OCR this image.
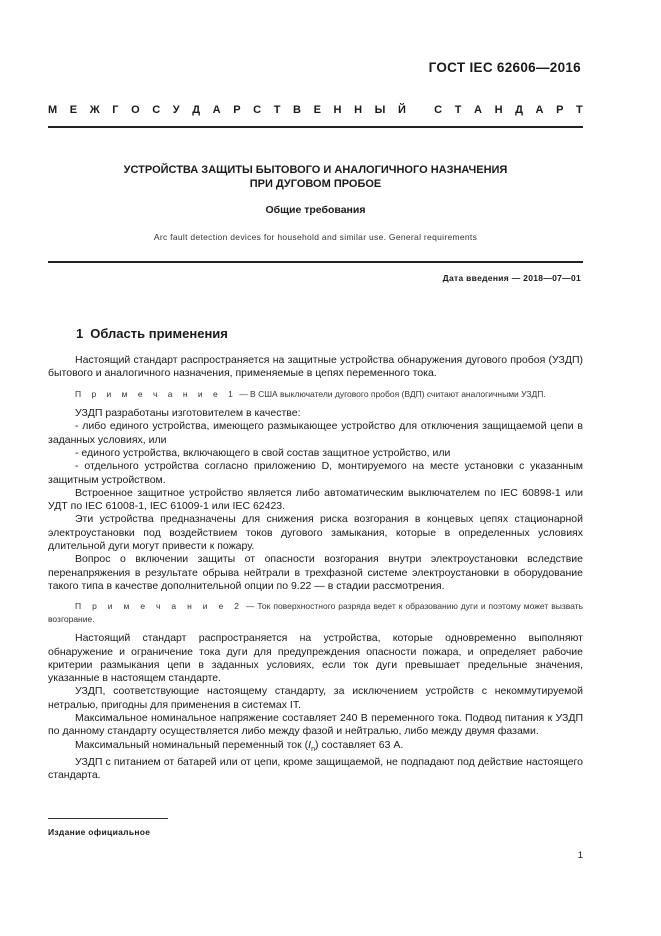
ГОСТ IEC 62606—2016
М Е Ж Г О С У Д А Р С Т В Е Н Н Ы Й
	С Т А Н Д А Р Т
УСТРОЙСТВА ЗАЩИТЫ БЫТОВОГО И АНАЛОГИЧНОГО НАЗНАЧЕНИЯ
ПРИ ДУГОВОМ ПРОБОЕ
Общие требования
Arc fault detection devices for household and similar use. General requirements
Дата введения — 2018—07—01
1 Область применения

Настоящий стандарт распространяется на защитные устройства обнаружения дугового пробоя (УЗДП) бытового и аналогичного назначения, применяемые в цепях переменного тока.

П р и м е ч а н и е 1 — В США выключатели дугового пробоя (ВДП) считают аналогичными УЗДП.

УЗДП разработаны изготовителем в качестве:

- либо единого устройства, имеющего размыкающее устройство для отключения защищаемой цепи в заданных условиях, или

- единого устройства, включающего в свой состав защитное устройство, или

- отдельного устройства согласно приложению D, монтируемого на месте установки с указанным защитным устройством.

Встроенное защитное устройство является либо автоматическим выключателем по IEC 60898-1 или УДТ по IEC 61008-1, IEC 61009-1 или IEC 62423.

Эти устройства предназначены для снижения риска возгорания в концевых цепях стационарной электроустановки под воздействием токов дугового замыкания, которые в определенных условиях длительной дуги могут привести к пожару.

Вопрос о включении защиты от опасности возгорания внутри электроустановки вследствие перенапряжения в результате обрыва нейтрали в трехфазной системе электроустановки в оборудование такого типа в качестве дополнительной опции по 9.22 — в стадии рассмотрения.

П р и м е ч а н и е 2 — Ток поверхностного разряда ведет к образованию дуги и поэтому может вызвать возгорание.

Настоящий стандарт распространяется на устройства, которые одновременно выполняют обнаружение и ограничение тока дуги для предупреждения опасности пожара, и определяет рабочие критерии размыкания цепи в заданных условиях, если ток дуги превышает предельные значения, указанные в настоящем стандарте.

УЗДП, соответствующие настоящему стандарту, за исключением устройств с некоммутируемой нетралью, пригодны для применения в системах IT.

Максимальное номинальное напряжение составляет 240 В переменного тока. Подвод питания к УЗДП по данному стандарту осуществляется либо между фазой и нейтралью, либо между двумя фазами.

Максимальный номинальный переменный ток $(I_n)$ составляет 63 А.

УЗДП с питанием от батарей или от цепи, кроме защищаемой, не подпадают под действие настоящего стандарта.

Издание официальное
1
